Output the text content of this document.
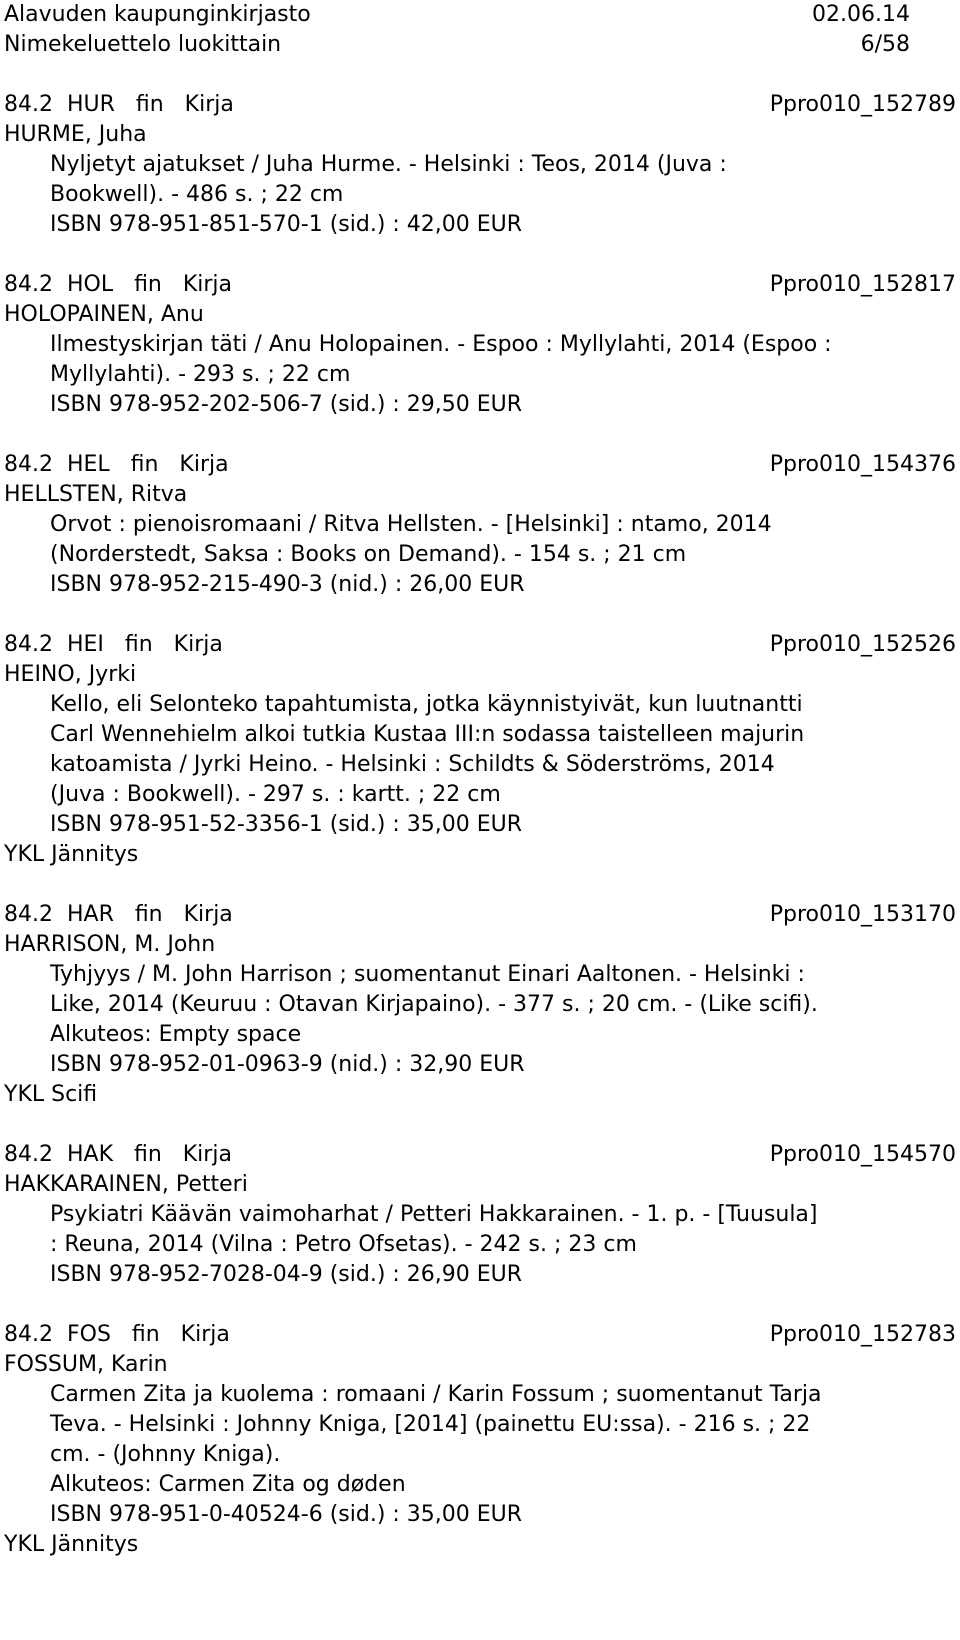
Alavuden kaupunginkirjasto	02.06.14
Nimekeluettelo luokittain	6/58
84.2  HUR   fin   Kirja	Ppro010_152789
HURME, Juha
Nyljetyt ajatukset / Juha Hurme. - Helsinki : Teos, 2014 (Juva :
Bookwell). - 486 s. ; 22 cm
ISBN 978-951-851-570-1 (sid.) : 42,00 EUR
84.2  HOL   fin   Kirja	Ppro010_152817
HOLOPAINEN, Anu
Ilmestyskirjan täti / Anu Holopainen. - Espoo : Myllylahti, 2014 (Espoo :
Myllylahti). - 293 s. ; 22 cm
ISBN 978-952-202-506-7 (sid.) : 29,50 EUR
84.2  HEL   fin   Kirja	Ppro010_154376
HELLSTEN, Ritva
Orvot : pienoisromaani / Ritva Hellsten. - [Helsinki] : ntamo, 2014
(Norderstedt, Saksa : Books on Demand). - 154 s. ; 21 cm
ISBN 978-952-215-490-3 (nid.) : 26,00 EUR
84.2  HEI   fin   Kirja	Ppro010_152526
HEINO, Jyrki
Kello, eli Selonteko tapahtumista, jotka käynnistyivät, kun luutnantti
Carl Wennehielm alkoi tutkia Kustaa III:n sodassa taistelleen majurin
katoamista / Jyrki Heino. - Helsinki : Schildts & Söderströms, 2014
(Juva : Bookwell). - 297 s. : kartt. ; 22 cm
ISBN 978-951-52-3356-1 (sid.) : 35,00 EUR
YKL Jännitys
84.2  HAR   fin   Kirja	Ppro010_153170
HARRISON, M. John
Tyhjyys / M. John Harrison ; suomentanut Einari Aaltonen. - Helsinki :
Like, 2014 (Keuruu : Otavan Kirjapaino). - 377 s. ; 20 cm. - (Like scifi).
Alkuteos: Empty space
ISBN 978-952-01-0963-9 (nid.) : 32,90 EUR
YKL Scifi
84.2  HAK   fin   Kirja	Ppro010_154570
HAKKARAINEN, Petteri
Psykiatri Käävän vaimoharhat / Petteri Hakkarainen. - 1. p. - [Tuusula]
: Reuna, 2014 (Vilna : Petro Ofsetas). - 242 s. ; 23 cm
ISBN 978-952-7028-04-9 (sid.) : 26,90 EUR
84.2  FOS   fin   Kirja	Ppro010_152783
FOSSUM, Karin
Carmen Zita ja kuolema : romaani / Karin Fossum ; suomentanut Tarja
Teva. - Helsinki : Johnny Kniga, [2014] (painettu EU:ssa). - 216 s. ; 22
cm. - (Johnny Kniga).
Alkuteos: Carmen Zita og døden
ISBN 978-951-0-40524-6 (sid.) : 35,00 EUR
YKL Jännitys
